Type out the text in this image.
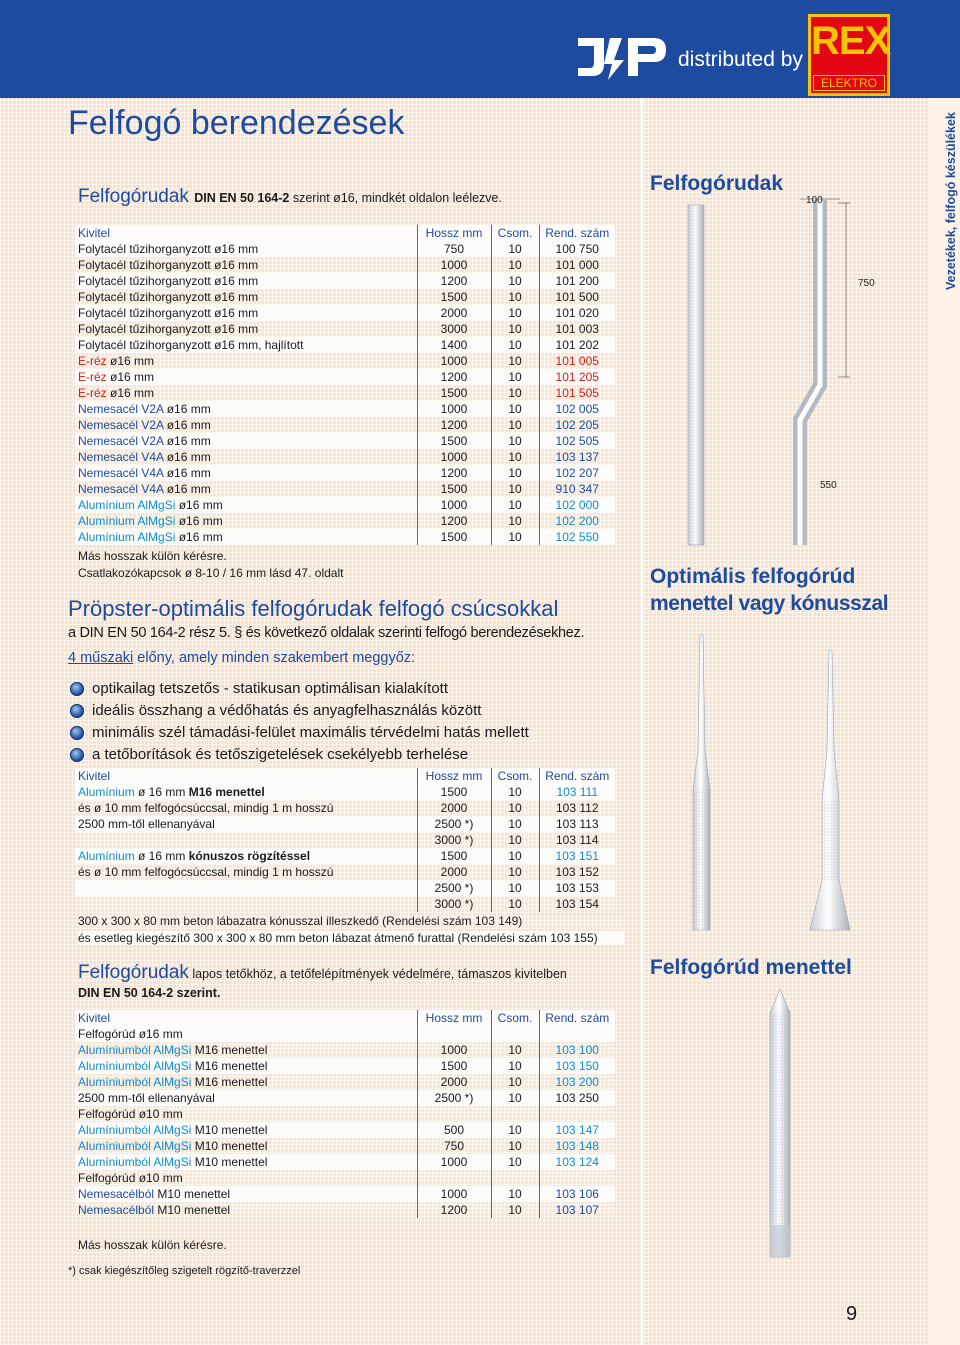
distributed by REX
ELEKTRO
Vezetékek, felfogó készülékek
Felfogó berendezések
Felfogórudak DIN EN 50 164-2 szerint ø16, mindkét oldalon leélezve.
Kivitel	Hossz mm	Csom.	Rend. szám
Folytacél tűzihorganyzott ø16 mm	750	10	100 750
Folytacél tűzihorganyzott ø16 mm	1000	10	101 000
Folytacél tűzihorganyzott ø16 mm	1200	10	101 200
Folytacél tűzihorganyzott ø16 mm	1500	10	101 500
Folytacél tűzihorganyzott ø16 mm	2000	10	101 020
Folytacél tűzihorganyzott ø16 mm	3000	10	101 003
Folytacél tűzihorganyzott ø16 mm, hajlított	1400	10	101 202
E-réz ø16 mm	1000	10	101 005
E-réz ø16 mm	1200	10	101 205
E-réz ø16 mm	1500	10	101 505
Nemesacél V2A ø16 mm	1000	10	102 005
Nemesacél V2A ø16 mm	1200	10	102 205
Nemesacél V2A ø16 mm	1500	10	102 505
Nemesacél V4A ø16 mm	1000	10	103 137
Nemesacél V4A ø16 mm	1200	10	102 207
Nemesacél V4A ø16 mm	1500	10	910 347
Alumínium AlMgSi ø16 mm	1000	10	102 000
Alumínium AlMgSi ø16 mm	1200	10	102 200
Alumínium AlMgSi ø16 mm	1500	10	102 550
Más hosszak külön kérésre.
Csatlakozókapcsok ø 8-10 / 16 mm lásd 47. oldalt
Pröpster-optimális felfogórudak felfogó csúcsokkal
a DIN EN 50 164-2 rész 5. § és következő oldalak szerinti felfogó berendezésekhez.
4 műszaki előny, amely minden szakembert meggyőz:
optikailag tetszetős - statikusan optimálisan kialakított
ideális összhang a védőhatás és anyagfelhasználás között
minimális szél támadási-felület maximális térvédelmi hatás mellett
a tetőborítások és tetőszigetelések csekélyebb terhelése
Kivitel	Hossz mm	Csom.	Rend. szám
Alumínium ø 16 mm M16 menettel	1500	10	103 111
és ø 10 mm felfogócsúccsal, mindig 1 m hosszú	2000	10	103 112
2500 mm-től ellenanyával	2500 *)	10	103 113
	3000 *)	10	103 114
Alumínium ø 16 mm kónuszos rögzítéssel	1500	10	103 151
és ø 10 mm felfogócsúccsal, mindig 1 m hosszú	2000	10	103 152
	2500 *)	10	103 153
	3000 *)	10	103 154
300 x 300 x 80 mm beton lábazatra kónusszal illeszkedő (Rendelési szám 103 149)
és esetleg kiegészítő 300 x 300 x 80 mm beton lábazat átmenő furattal (Rendelési szám 103 155)
Felfogórudak lapos tetőkhöz, a tetőfelépítmények védelmére, támaszos kivitelben
DIN EN 50 164-2 szerint.
Kivitel	Hossz mm	Csom.	Rend. szám
Felfogórúd ø16 mm			
Alumíniumból AlMgSi M16 menettel	1000	10	103 100
Alumíniumból AlMgSi M16 menettel	1500	10	103 150
Alumíniumból AlMgSi M16 menettel	2000	10	103 200
2500 mm-től ellenanyával	2500 *)	10	103 250
Felfogórúd ø10 mm			
Alumíniumból AlMgSi M10 menettel	500	10	103 147
Alumíniumból AlMgSi M10 menettel	750	10	103 148
Alumíniumból AlMgSi M10 menettel	1000	10	103 124
Felfogórúd ø10 mm			
Nemesacélból M10 menettel	1000	10	103 106
Nemesacélból M10 menettel	1200	10	103 107
Más hosszak külön kérésre.
*) csak kiegészítőleg szigetelt rögzítő-traverzzel
Felfogórudak
100
750
550
Optimális felfogórúd
menettel vagy kónusszal
Felfogórúd menettel
9
